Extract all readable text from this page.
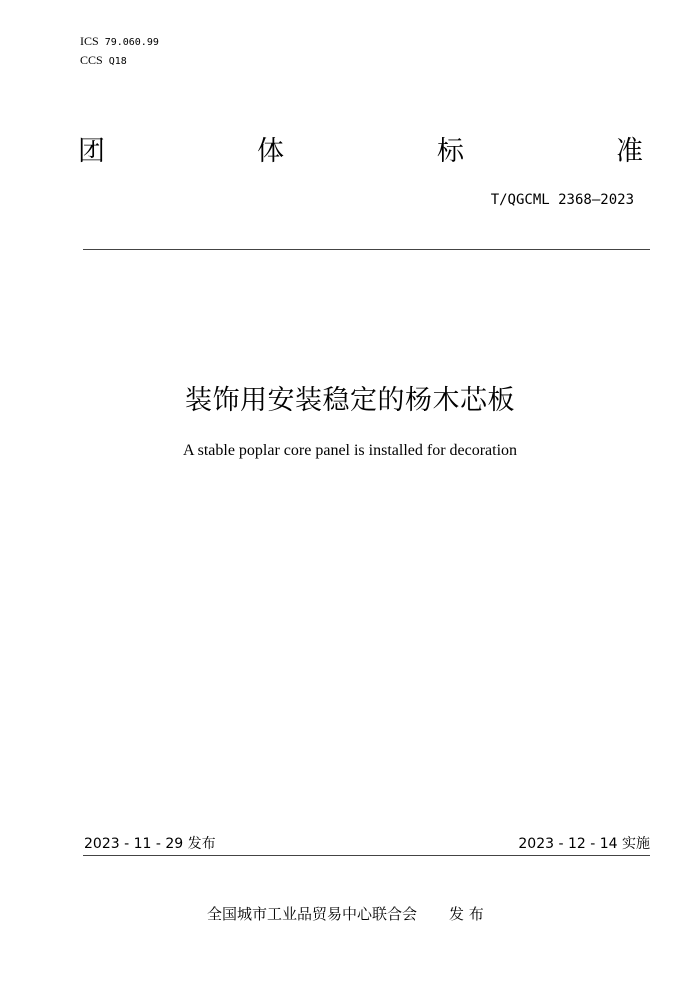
ICS 79.060.99
CCS Q18
团	体	标	准
T/QGCML 2368—2023
装饰用安装稳定的杨木芯板
A stable poplar core panel is installed for decoration
2023 - 11 - 29 发布	2023 - 12 - 14 实施
全国城市工业品贸易中心联合会 发 布
